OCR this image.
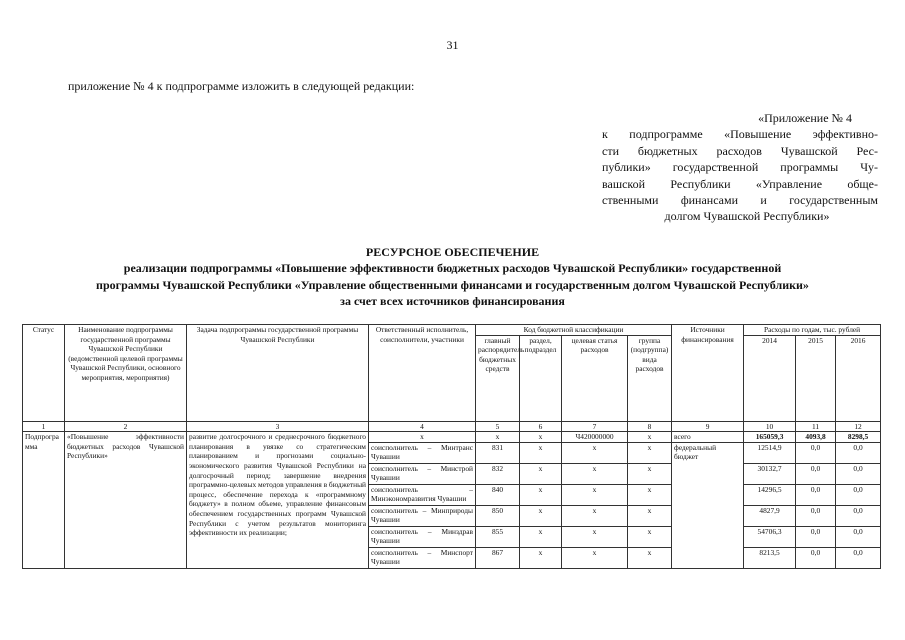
31
приложение № 4 к подпрограмме изложить в следующей редакции:
«Приложение № 4
к подпрограмме «Повышение эффективно-
сти бюджетных расходов Чувашской Рес-
публики» государственной программы Чу-
вашской Республики «Управление обще-
ственными финансами и государственным
долгом Чувашской Республики»
РЕСУРСНОЕ ОБЕСПЕЧЕНИЕ
реализации подпрограммы «Повышение эффективности бюджетных расходов Чувашской Республики» государственной
программы Чувашской Республики «Управление общественными финансами и государственным долгом Чувашской Республики»
за счет всех источников финансирования
Статус	Наименование подпрограммы государственной программы Чувашской Республики (ведомственной целевой программы Чувашской Республики, основного мероприятия, мероприятия)	Задача подпрограммы государственной программы Чувашской Республики	Ответственный исполнитель, соисполнители, участники	Код бюджетной классификации				Источники финансирования	Расходы по годам, тыс. рублей		
				главный распорядитель бюджетных средств	раздел, подраздел	целевая статья расходов	группа (подгруппа) вида расходов		2014	2015	2016
1	2	3	4	5	6	7	8	9	10	11	12
Подпрограмма	«Повышение эффективности бюджетных расходов Чувашской Республики»	развитие долгосрочного и среднесрочного бюджетного планирования в увязке со стратегическим планированием и прогнозами социально-экономического развития Чувашской Республики на долгосрочный период; завершение внедрения программно-целевых методов управления в бюджетный процесс, обеспечение перехода к «программному бюджету» в полном объеме, управление финансовым обеспечением государственных программ Чувашской Республики с учетом результатов мониторинга эффективности их реализации;	x	x	x	Ч420000000	x	всего	165059,3	4093,8	8298,5
			соисполнитель – Минтранс Чувашии	831	x	x	x	федеральный бюджет	12514,9	0,0	0,0
			соисполнитель – Минстрой Чувашии	832	x	x	x		30132,7	0,0	0,0
			соисполнитель – Минэкономразвития Чувашии	840	x	x	x		14296,5	0,0	0,0
			соисполнитель – Минприроды Чувашии	850	x	x	x		4827,9	0,0	0,0
			соисполнитель – Минздрав Чувашии	855	x	x	x		54706,3	0,0	0,0
			соисполнитель – Минспорт Чувашии	867	x	x	x		8213,5	0,0	0,0
